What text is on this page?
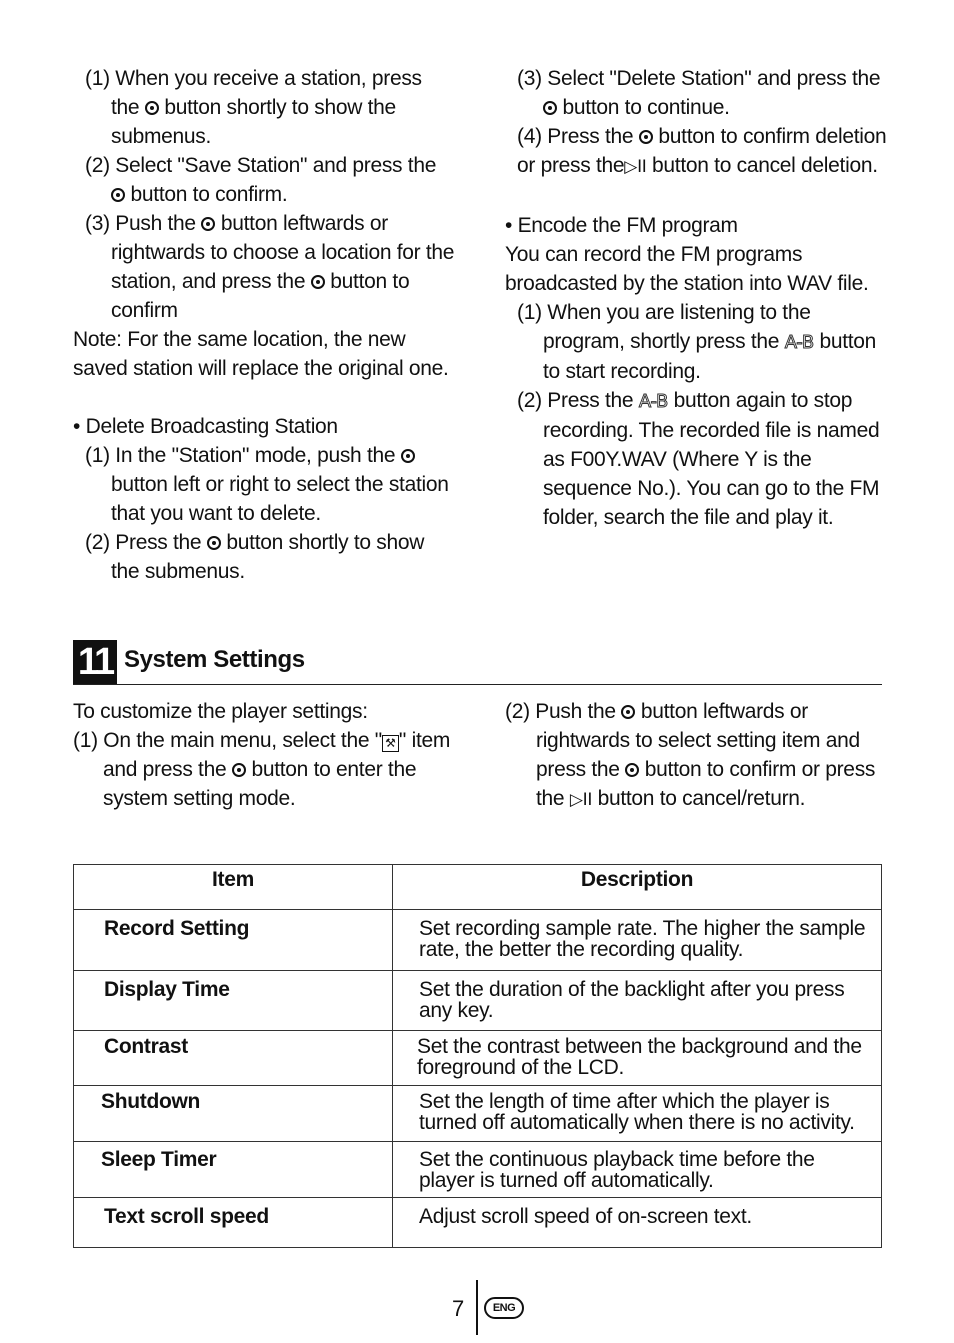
(1) When you receive a station, press the button shortly to show the submenus.

(2) Select "Save Station" and press the  button to confirm.

(3) Push the button leftwards or rightwards to choose a location for the station, and press the button to confirm

Note: For the same location, the new saved station will replace the original one.

• Delete Broadcasting Station

(1) In the "Station" mode, push the  button left or right to select the station that you want to delete.

(2) Press the button shortly to show the submenus.

(3) Select "Delete Station" and press the  button to continue.

(4) Press the button to confirm deletion or press the▷II button to cancel deletion.

• Encode the FM program

You can record the FM programs broadcasted by the station into WAV file.

(1) When you are listening to the program, shortly press the A-B button to start recording.

(2) Press the A-B button again to stop recording. The recorded file is named as F00Y.WAV (Where Y is the sequence No.). You can go to the FM folder, search the file and play it.

11 System Settings

To customize the player settings:

(1) On the main menu, select the " ⚒ " item and press the button to enter the system setting mode.

(2) Push the button leftwards or rightwards to select setting item and press the button to confirm or press the ▷II button to cancel/return.

Item	Description
Record Setting	Set recording sample rate. The higher the sample rate, the better the recording quality.
Display Time	Set the duration of the backlight after you press any key.
Contrast	Set the contrast between the background and the foreground of the LCD.
Shutdown	Set the length of time after which the player is turned off automatically when there is no activity.
Sleep Timer	Set the continuous playback time before the player is turned off automatically.
Text scroll speed	Adjust scroll speed of on-screen text.
7	ENG
